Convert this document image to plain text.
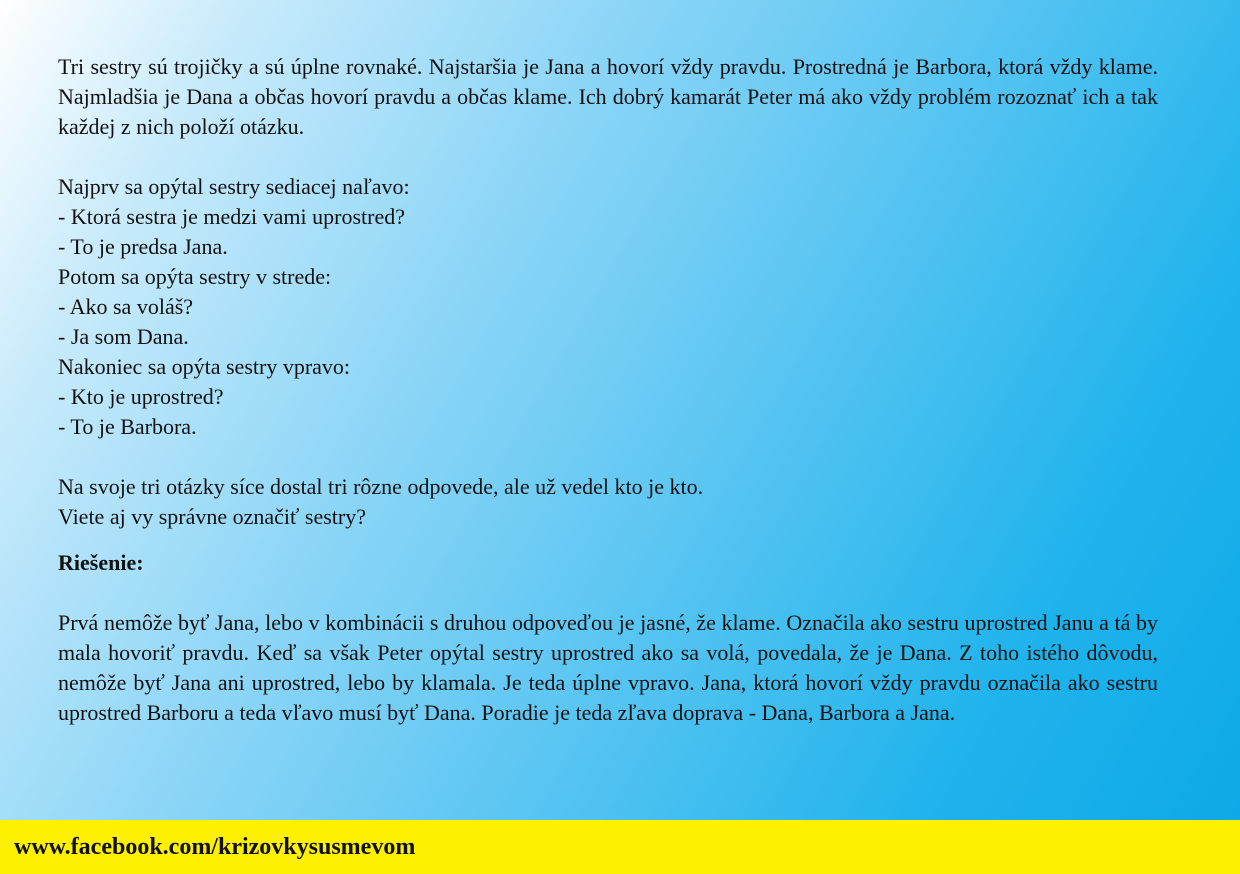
Tri sestry sú trojičky a sú úplne rovnaké. Najstaršia je Jana a hovorí vždy pravdu. Prostredná je Barbora, ktorá vždy klame. Najmladšia je Dana a občas hovorí pravdu a občas klame. Ich dobrý kamarát Peter má ako vždy problém rozoznať ich a tak každej z nich položí otázku.

Najprv sa opýtal sestry sediacej naľavo:
- Ktorá sestra je medzi vami uprostred?
- To je predsa Jana.
Potom sa opýta sestry v strede:
- Ako sa voláš?
- Ja som Dana.
Nakoniec sa opýta sestry vpravo:
- Kto je uprostred?
- To je Barbora.
Na svoje tri otázky síce dostal tri rôzne odpovede, ale už vedel kto je kto.
Viete aj vy správne označiť sestry?

Riešenie:

Prvá nemôže byť Jana, lebo v kombinácii s druhou odpoveďou je jasné, že klame. Označila ako sestru uprostred Janu a tá by mala hovoriť pravdu. Keď sa však Peter opýtal sestry uprostred ako sa volá, povedala, že je Dana. Z toho istého dôvodu, nemôže byť Jana ani uprostred, lebo by klamala. Je teda úplne vpravo. Jana, ktorá hovorí vždy pravdu označila ako sestru uprostred Barboru a teda vľavo musí byť Dana. Poradie je teda zľava doprava - Dana, Barbora a Jana.

www.facebook.com/krizovkysusmevom
